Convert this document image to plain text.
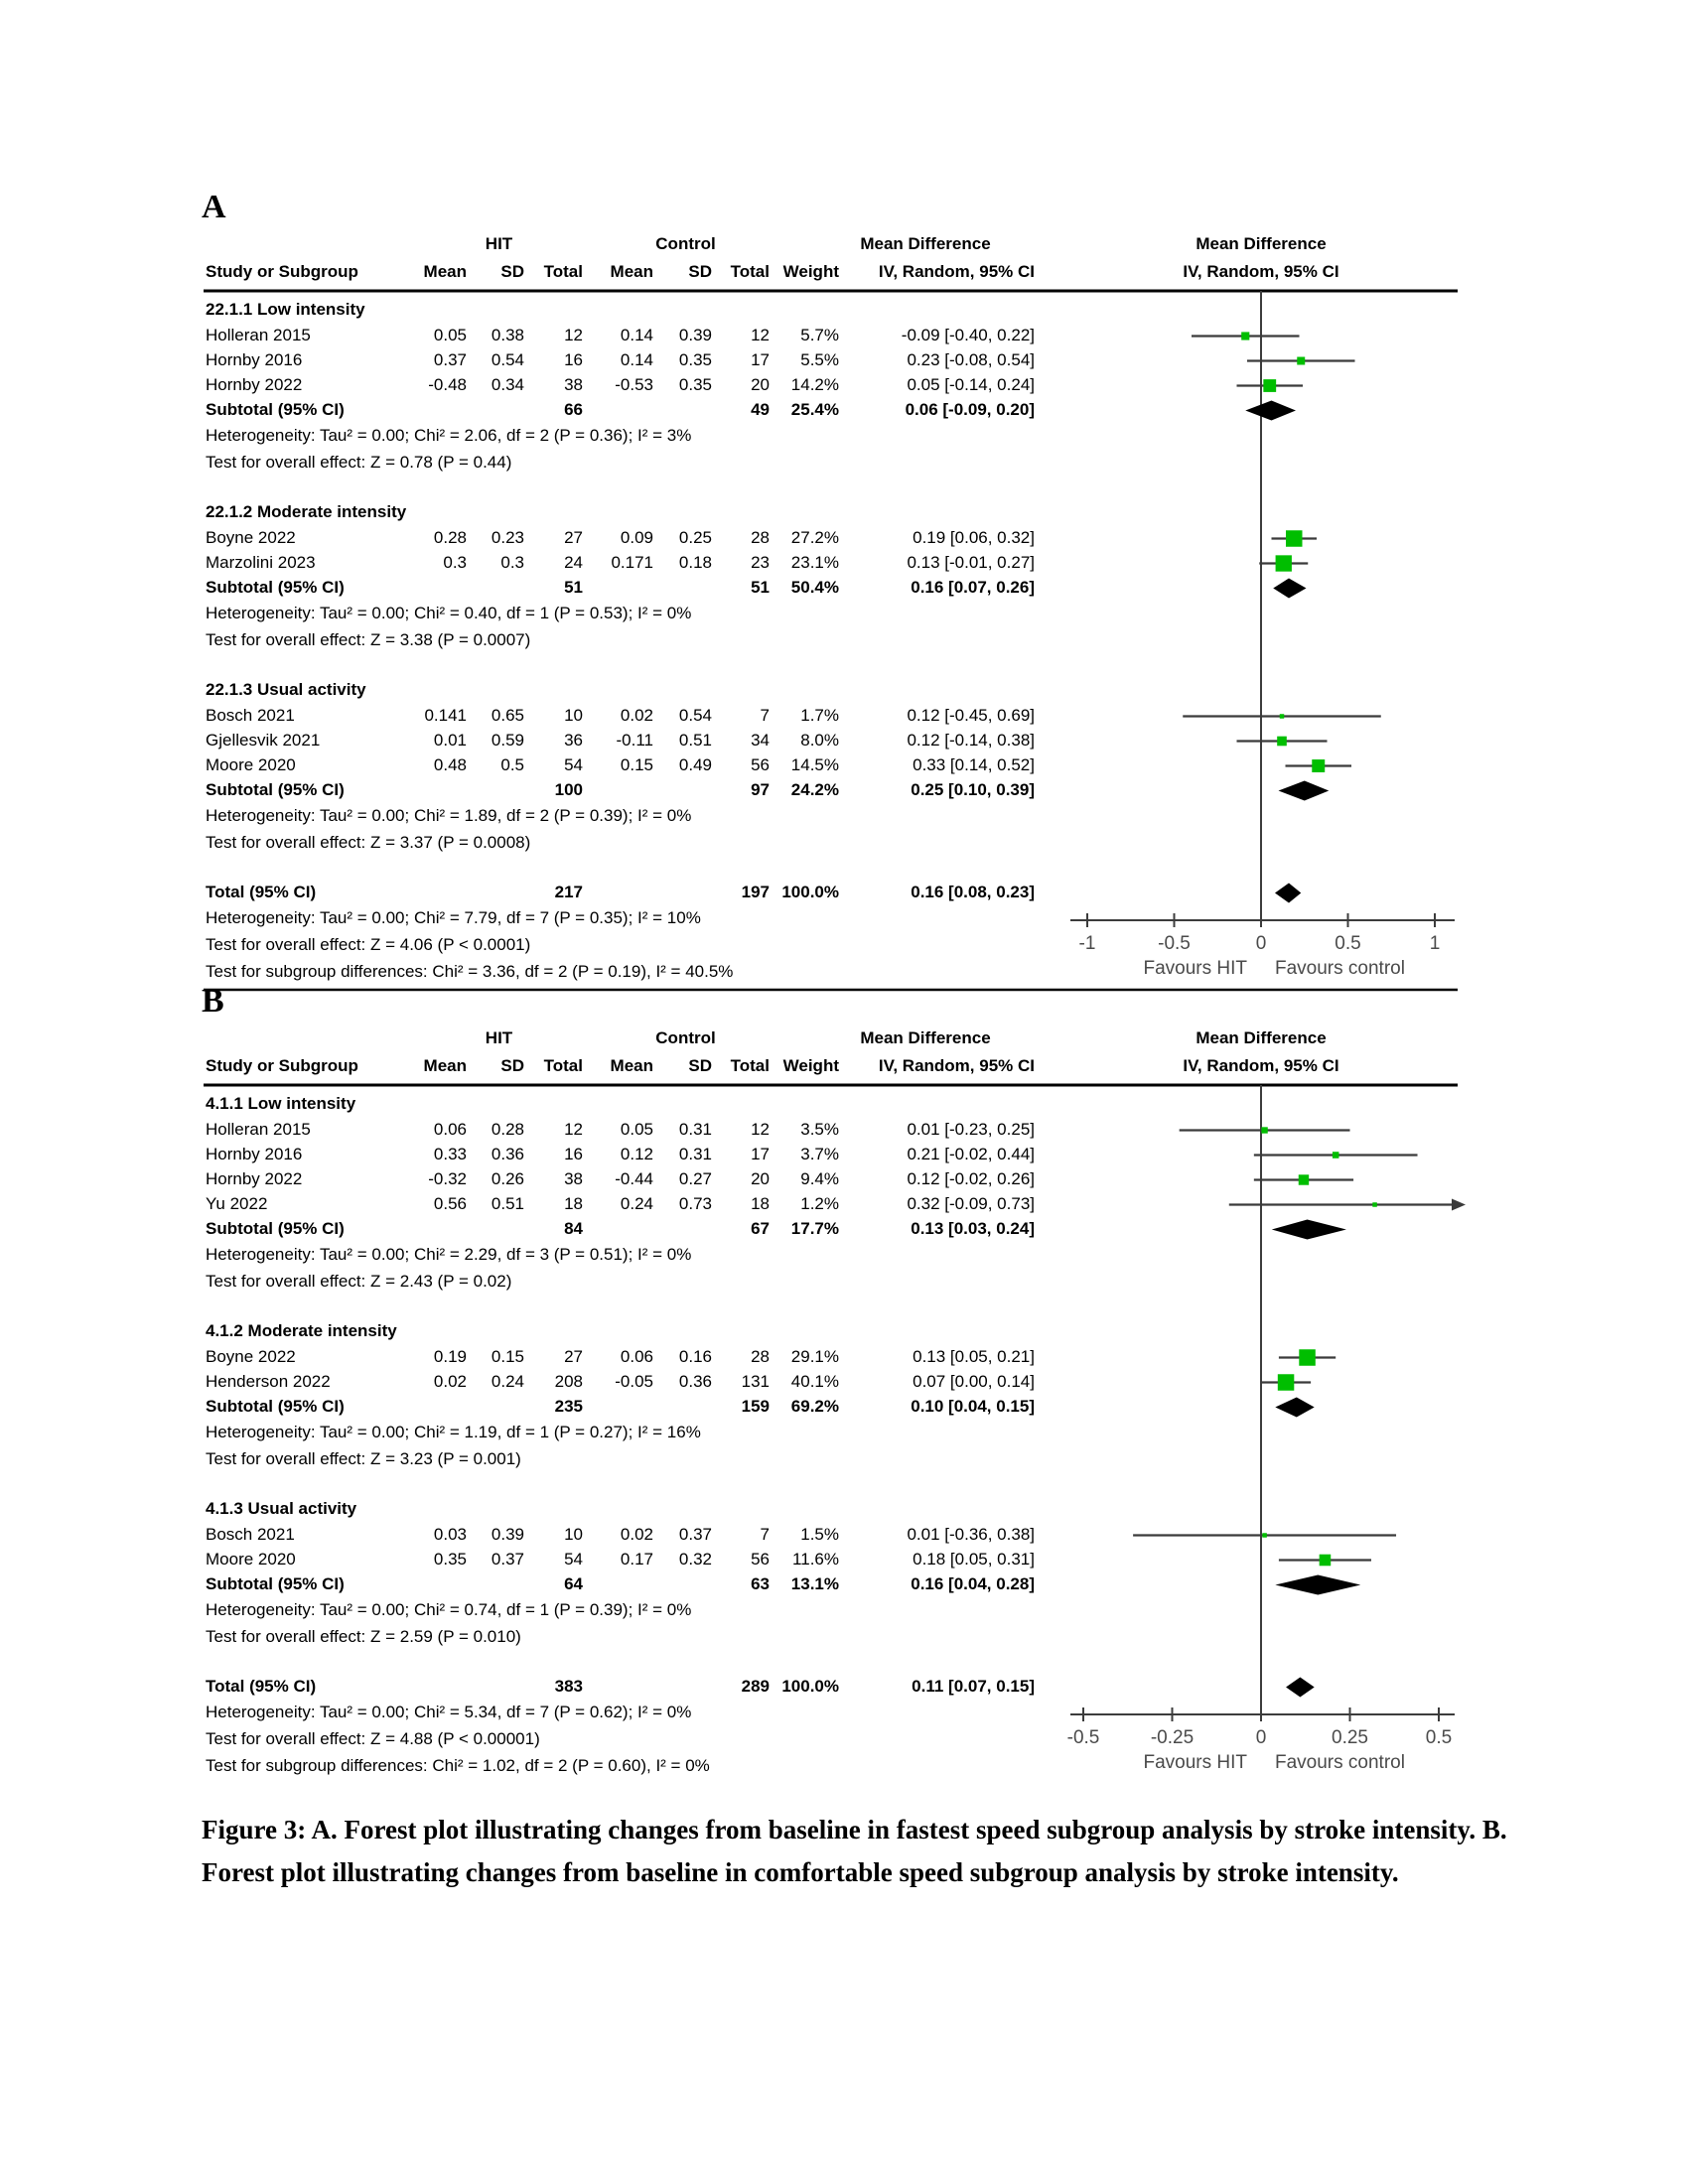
-1	-0.5	0	0.5	1
Favours HIT Favours control
-0.5	-0.25	0	0.25	0.5
Favours HIT Favours control
A
HIT	Control	Mean Difference	Mean Difference
Study or Subgroup	Mean	SD	Total	Mean	SD	Total Weight	IV, Random, 95% CI	IV, Random, 95% CI
22.1.1 Low intensity
Holleran 2015	0.05	0.38	12	0.14	0.39	12	5.7%	-0.09 [-0.40, 0.22]
Hornby 2016	0.37	0.54	16	0.14	0.35	17	5.5%	0.23 [-0.08, 0.54]
Hornby 2022	-0.48	0.34	38	-0.53	0.35	20	14.2%	0.05 [-0.14, 0.24]
Subtotal (95% CI)	66	49	25.4%	0.06 [-0.09, 0.20]
Heterogeneity: Tau² = 0.00; Chi² = 2.06, df = 2 (P = 0.36); I² = 3%
Test for overall effect: Z = 0.78 (P = 0.44)
22.1.2 Moderate intensity
Boyne 2022	0.28	0.23	27	0.09	0.25	28	27.2%	0.19 [0.06, 0.32]
Marzolini 2023	0.3	0.3	24	0.171	0.18	23	23.1%	0.13 [-0.01, 0.27]
Subtotal (95% CI)	51	51	50.4%	0.16 [0.07, 0.26]
Heterogeneity: Tau² = 0.00; Chi² = 0.40, df = 1 (P = 0.53); I² = 0%
Test for overall effect: Z = 3.38 (P = 0.0007)
22.1.3 Usual activity
Bosch 2021	0.141	0.65	10	0.02	0.54	7	1.7%	0.12 [-0.45, 0.69]
Gjellesvik 2021	0.01	0.59	36	-0.11	0.51	34	8.0%	0.12 [-0.14, 0.38]
Moore 2020	0.48	0.5	54	0.15	0.49	56	14.5%	0.33 [0.14, 0.52]
Subtotal (95% CI)	100	97	24.2%	0.25 [0.10, 0.39]
Heterogeneity: Tau² = 0.00; Chi² = 1.89, df = 2 (P = 0.39); I² = 0%
Test for overall effect: Z = 3.37 (P = 0.0008)
Total (95% CI)	217	197 100.0%	0.16 [0.08, 0.23]
Heterogeneity: Tau² = 0.00; Chi² = 7.79, df = 7 (P = 0.35); I² = 10%
Test for overall effect: Z = 4.06 (P < 0.0001)
Test for subgroup differences: Chi² = 3.36, df = 2 (P = 0.19), I² = 40.5%
B
HIT	Control	Mean Difference	Mean Difference
Study or Subgroup	Mean	SD	Total	Mean	SD	Total Weight	IV, Random, 95% CI	IV, Random, 95% CI
4.1.1 Low intensity
Holleran 2015	0.06	0.28	12	0.05	0.31	12	3.5%	0.01 [-0.23, 0.25]
Hornby 2016	0.33	0.36	16	0.12	0.31	17	3.7%	0.21 [-0.02, 0.44]
Hornby 2022	-0.32	0.26	38	-0.44	0.27	20	9.4%	0.12 [-0.02, 0.26]
Yu 2022	0.56	0.51	18	0.24	0.73	18	1.2%	0.32 [-0.09, 0.73]
Subtotal (95% CI)	84	67	17.7%	0.13 [0.03, 0.24]
Heterogeneity: Tau² = 0.00; Chi² = 2.29, df = 3 (P = 0.51); I² = 0%
Test for overall effect: Z = 2.43 (P = 0.02)
4.1.2 Moderate intensity
Boyne 2022	0.19	0.15	27	0.06	0.16	28	29.1%	0.13 [0.05, 0.21]
Henderson 2022	0.02	0.24	208	-0.05	0.36	131	40.1%	0.07 [0.00, 0.14]
Subtotal (95% CI)	235	159	69.2%	0.10 [0.04, 0.15]
Heterogeneity: Tau² = 0.00; Chi² = 1.19, df = 1 (P = 0.27); I² = 16%
Test for overall effect: Z = 3.23 (P = 0.001)
4.1.3 Usual activity
Bosch 2021	0.03	0.39	10	0.02	0.37	7	1.5%	0.01 [-0.36, 0.38]
Moore 2020	0.35	0.37	54	0.17	0.32	56	11.6%	0.18 [0.05, 0.31]
Subtotal (95% CI)	64	63	13.1%	0.16 [0.04, 0.28]
Heterogeneity: Tau² = 0.00; Chi² = 0.74, df = 1 (P = 0.39); I² = 0%
Test for overall effect: Z = 2.59 (P = 0.010)
Total (95% CI)	383	289 100.0%	0.11 [0.07, 0.15]
Heterogeneity: Tau² = 0.00; Chi² = 5.34, df = 7 (P = 0.62); I² = 0%
Test for overall effect: Z = 4.88 (P < 0.00001)
Test for subgroup differences: Chi² = 1.02, df = 2 (P = 0.60), I² = 0%
Figure 3: A. Forest plot illustrating changes from baseline in fastest speed subgroup analysis by stroke intensity. B. Forest plot illustrating changes from baseline in comfortable speed subgroup analysis by stroke intensity.
